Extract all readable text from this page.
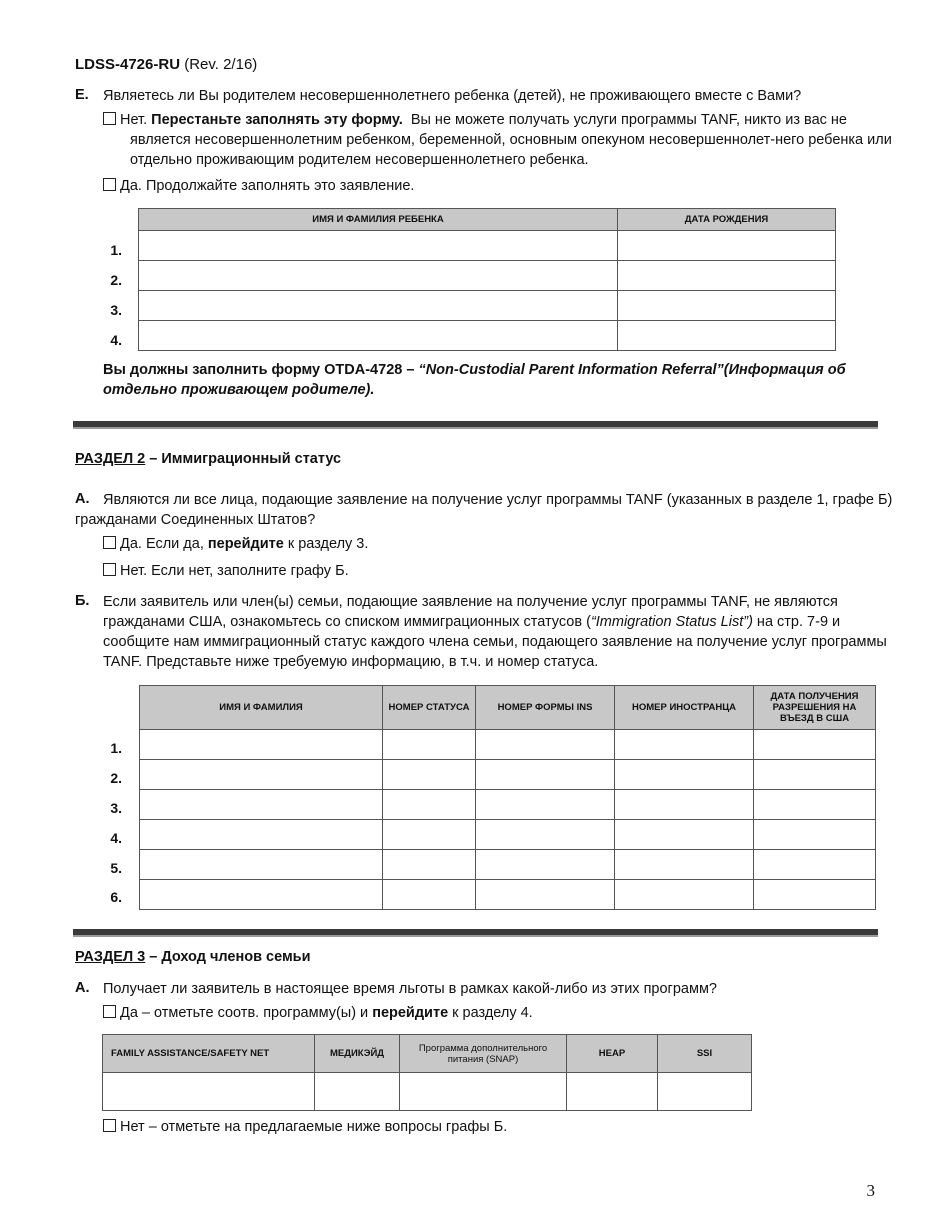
LDSS-4726-RU (Rev. 2/16)
E. Являетесь ли Вы родителем несовершеннолетнего ребенка (детей), не проживающего вместе с Вами?
Нет. Перестаньте заполнять эту форму. Вы не можете получать услуги программы TANF, никто из вас не
является несовершеннолетним ребенком, беременной, основным опекуном несовершеннолет-него ребенка или
отдельно проживающим родителем несовершеннолетнего ребенка.
Да. Продолжайте заполнять это заявление.
ИМЯ И ФАМИЛИЯ РЕБЕНКА	ДАТА РОЖДЕНИЯ

1.
2.
3.
4.
Вы должны заполнить форму OTDA-4728 – “Non-Custodial Parent Information Referral”(Информация об
отдельно проживающем родителе).
РАЗДЕЛ 2 – Иммиграционный статус
А. Являются ли все лица, подающие заявление на получение услуг программы TANF (указанных в разделе 1, графе Б)
гражданами Соединенных Штатов?
Да. Если да, перейдите к разделу 3.
Нет. Если нет, заполните графу Б.
Б. Если заявитель или член(ы) семьи, подающие заявление на получение услуг программы TANF, не являются
гражданами США, ознакомьтесь со списком иммиграционных статусов (“Immigration Status List”) на стр. 7-9 и
сообщите нам иммиграционный статус каждого члена семьи, подающего заявление на получение услуг программы
TANF. Представьте ниже требуемую информацию, в т.ч. и номер статуса.
ИМЯ И ФАМИЛИЯ	НОМЕР СТАТУСА	НОМЕР ФОРМЫ INS	НОМЕР ИНОСТРАНЦА	ДАТА ПОЛУЧЕНИЯ РАЗРЕШЕНИЯ НА ВЪЕЗД В США

1.
2.
3.
4.
5.
6.
РАЗДЕЛ 3 – Доход членов семьи
А. Получает ли заявитель в настоящее время льготы в рамках какой-либо из этих программ?
Да – отметьте соотв. программу(ы) и перейдите к разделу 4.
FAMILY ASSISTANCE/SAFETY NET	МЕДИКЭЙД	Программа дополнительного питания (SNAP)	HEAP	SSI

Нет – отметьте на предлагаемые ниже вопросы графы Б.
3
